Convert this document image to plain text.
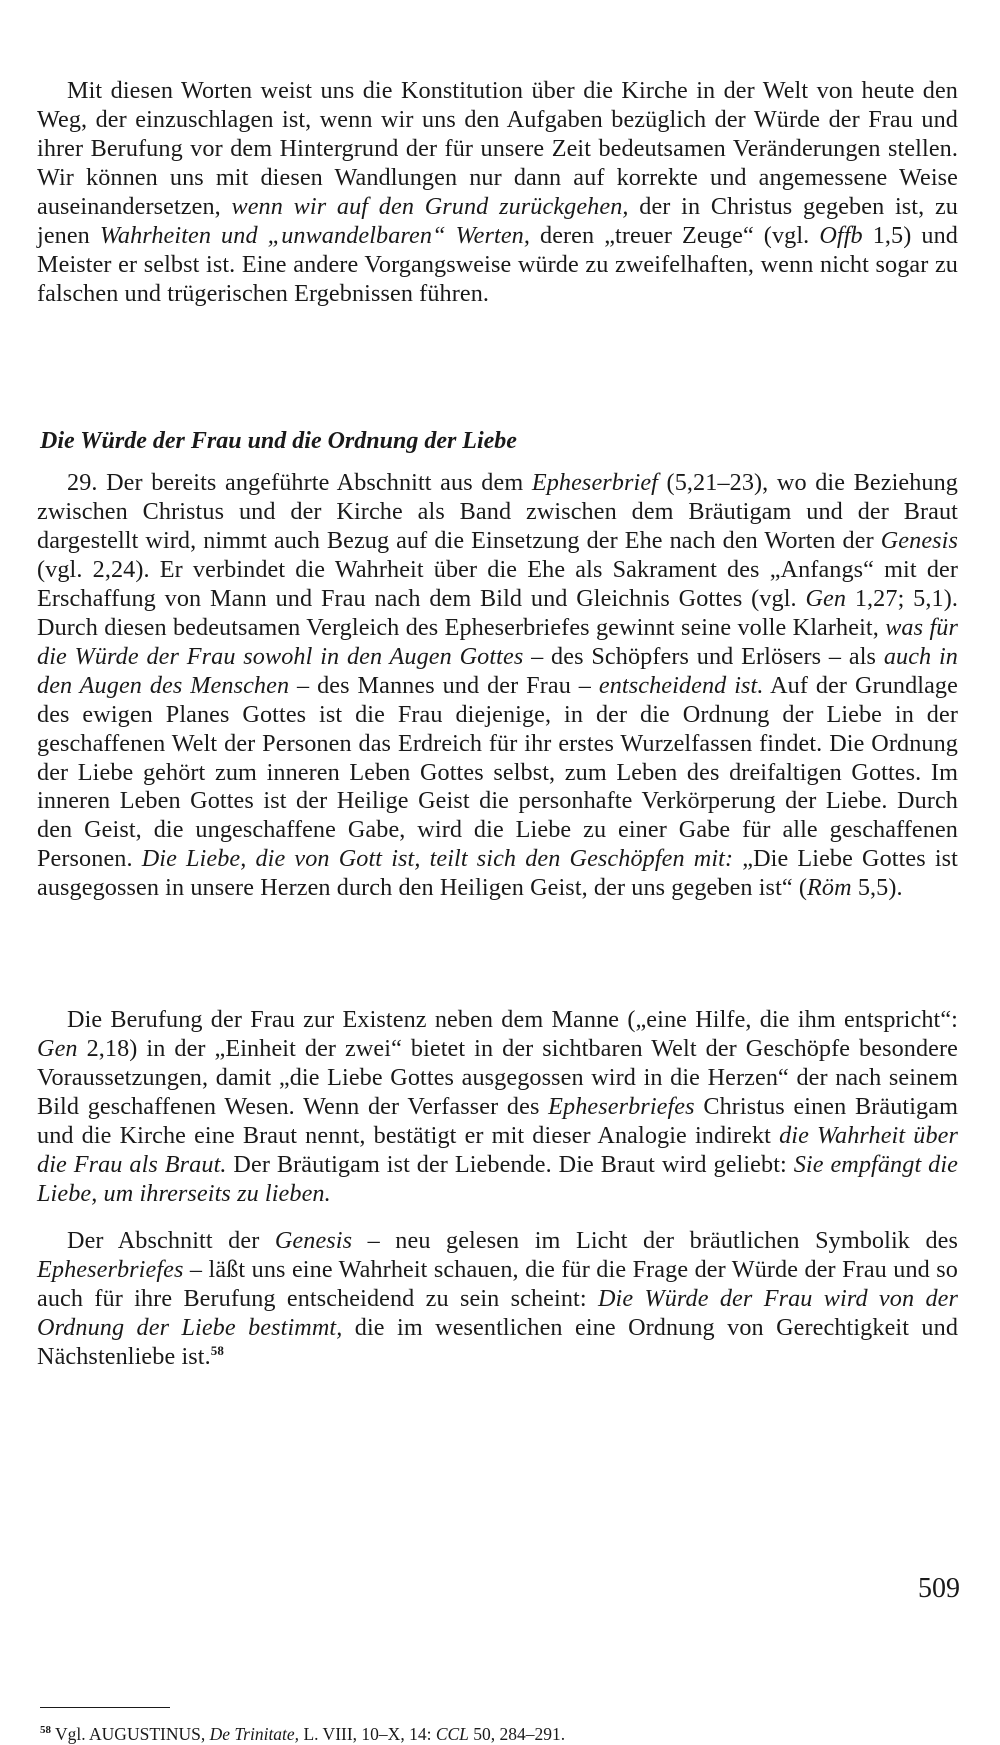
Mit diesen Worten weist uns die Konstitution über die Kirche in der Welt von heute den Weg, der einzuschlagen ist, wenn wir uns den Aufgaben bezüglich der Würde der Frau und ihrer Berufung vor dem Hintergrund der für unsere Zeit bedeutsamen Veränderungen stellen. Wir können uns mit diesen Wandlungen nur dann auf korrekte und angemessene Weise auseinandersetzen, wenn wir auf den Grund zurückgehen, der in Christus gegeben ist, zu jenen Wahrheiten und „unwandelbaren“ Werten, deren „treuer Zeuge“ (vgl. Offb 1,5) und Meister er selbst ist. Eine andere Vorgangsweise würde zu zweifelhaften, wenn nicht sogar zu falschen und trügerischen Ergebnissen führen.

Die Würde der Frau und die Ordnung der Liebe

29. Der bereits angeführte Abschnitt aus dem Epheserbrief (5,21–23), wo die Beziehung zwischen Christus und der Kirche als Band zwischen dem Bräutigam und der Braut dargestellt wird, nimmt auch Bezug auf die Einsetzung der Ehe nach den Worten der Genesis (vgl. 2,24). Er verbindet die Wahrheit über die Ehe als Sakrament des „Anfangs“ mit der Erschaffung von Mann und Frau nach dem Bild und Gleichnis Gottes (vgl. Gen 1,27; 5,1). Durch diesen bedeutsamen Vergleich des Epheserbriefes gewinnt seine volle Klarheit, was für die Würde der Frau sowohl in den Augen Gottes – des Schöpfers und Erlösers – als auch in den Augen des Menschen – des Mannes und der Frau – entscheidend ist. Auf der Grundlage des ewigen Planes Gottes ist die Frau diejenige, in der die Ordnung der Liebe in der geschaffenen Welt der Personen das Erdreich für ihr erstes Wurzelfassen findet. Die Ordnung der Liebe gehört zum inneren Leben Gottes selbst, zum Leben des dreifaltigen Gottes. Im inneren Leben Gottes ist der Heilige Geist die personhafte Verkörperung der Liebe. Durch den Geist, die ungeschaffene Gabe, wird die Liebe zu einer Gabe für alle geschaffenen Personen. Die Liebe, die von Gott ist, teilt sich den Geschöpfen mit: „Die Liebe Gottes ist ausgegossen in unsere Herzen durch den Heiligen Geist, der uns gegeben ist“ (Röm 5,5).

Die Berufung der Frau zur Existenz neben dem Manne („eine Hilfe, die ihm entspricht“: Gen 2,18) in der „Einheit der zwei“ bietet in der sichtbaren Welt der Geschöpfe besondere Voraussetzungen, damit „die Liebe Gottes ausgegossen wird in die Herzen“ der nach seinem Bild geschaffenen Wesen. Wenn der Verfasser des Epheserbriefes Christus einen Bräutigam und die Kirche eine Braut nennt, bestätigt er mit dieser Analogie indirekt die Wahrheit über die Frau als Braut. Der Bräutigam ist der Liebende. Die Braut wird geliebt: Sie empfängt die Liebe, um ihrerseits zu lieben.

Der Abschnitt der Genesis – neu gelesen im Licht der bräutlichen Symbolik des Epheserbriefes – läßt uns eine Wahrheit schauen, die für die Frage der Würde der Frau und so auch für ihre Berufung entscheidend zu sein scheint: Die Würde der Frau wird von der Ordnung der Liebe bestimmt, die im wesentlichen eine Ordnung von Gerechtigkeit und Nächstenliebe ist.$^{58}$

$^{58}$ Vgl. AUGUSTINUS, De Trinitate, L. VIII, 10–X, 14: CCL 50, 284–291.

509
